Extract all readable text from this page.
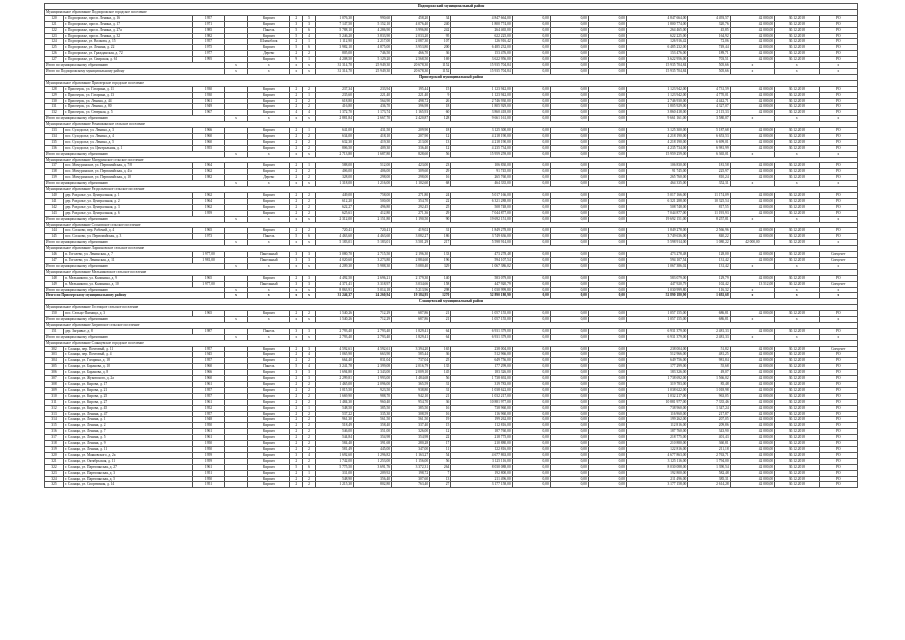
Подпорожский муниципальный район																			
Муниципальное образование Подпорожское городское поселение																			
120	г. Подпорожье, просп. Ленина, д. 16	1957		Кирпич	2	5	1 076,30	990,60	458,20	34	4 847 664,00	0,00	0,00	0,00	4 847 664,00	4 493,57	42 000,00	30.12.2018	РО
121	г. Подпорожье, просп. Ленина, д. 17	1971		Кирпич	3	3	7 147,50	5 152,10	4 076,40	240	1 800 774,00	0,00	0,00	0,00	1 800 774,00	320,76	42 000,00	30.12.2018	РО
122	г. Подпорожье, просп. Ленина, д. 27а	1985		Панель	5	6	5 788,10	4 286,90	3 996,80	242	264 465,00	0,00	0,00	0,00	264 465,00	45,85	42 000,00	30.12.2018	РО
123	г. Подпорожье, просп. Ленина, д. 32	1982		Кирпич	5	4	5 246,20	3 833,90	2 033,20	95	622 225,00	0,00	0,00	0,00	622 225,00	164,92	42 000,00	30.12.2018	РО
124	г. Подпорожье, ул. Волкова, д. 15	1957		Шлакоблок	2	1	1 112,90	2 217,00	2 087,30	107	126 916,42	0,00	0,00	0,00	126 916,42	72,06	42 000,00	30.12.2018	РО
125	г. Подпорожье, ул. Ленина, д. 22	1975		Кирпич	5	6	3 982,10	4 875,00	3 953,80	200	6 485 232,00	0,00	0,00	0,00	6 485 232,00	749,44	42 000,00	30.12.2018	РО
126	г. Подпорожье, ул. Гражданская, д. 72	1977		Дерево	2	2	805,00	746,50	466,70	36	153 476,00	0,00	0,00	0,00	153 476,00	189,71	42 000,00	30.12.2018	РО
127	г. Подпорожье, ул. Свирская, д. 61	1995		Кирпич	9	1	4 208,50	5 129,20	2 568,50	169	3 622 956,00	0,00	0,00	0,00	3 622 956,00	703,51	42 000,00	30.12.2018	РО
Итого по муниципальному образованию			x	x	x	x	31 314,70	25 949,30	20 678,30	1152	15 935 704,84	0,00	0,00	0,00	15 935 704,84	505,66	x	x	x
Итого по Подпорожскому муниципальному району			x	x	x	x	31 314,70	25 949,30	20 678,30	1152	15 935 704,84	0,00	0,00	0,00	15 935 704,84	505,66	x	x	x
Приозерский муниципальный район																			
Муниципальное образование Приозерское городское поселение																			
128	г. Приозерск, ул. Гагарина, д. 11	1930		Кирпич	2	2	237,34	233,94	195,44	15	1 123 942,00	0,00	0,00	0,00	1 123 942,00	4 731,59	42 000,00	30.12.2018	РО
129	г. Приозерск, ул. Гагарина, д. 13	1930		Кирпич	2	1	235,60	221,40	221,40	9	1 123 942,00	0,00	0,00	0,00	1 123 942,00	4 770,01	42 000,00	30.12.2018	РО
130	г. Приозерск, ул. Ленина, д. 44	1961		Кирпич	2	2	618,80	564,90	498,72	26	2 746 930,00	0,00	0,00	0,00	2 746 930,00	4 442,71	42 000,00	30.12.2018	РО
131	г. Приозерск, ул. Ленина, д. 80	1949		Кирпич	2	2	416,80	436,70	396,98	18	1 805 929,00	0,00	0,00	0,00	1 805 929,00	4 327,07	42 000,00	30.12.2018	РО
132	г. Приозерск, ул. Северная, д. 5	1967		Кирпич	4	4	1 372,70	1 173,74	1 165,93	60	3 860 418,00	0,00	0,00	0,00	3 860 418,00	2 115,33	42 000,00	30.12.2018	РО
Итого по муниципальному образованию			x	x	x	x	2 881,84	2 667,70	2 420,87	128	9 661 161,00	0,00	0,00	0,00	9 661 161,00	3 580,07	x	x	x
Муниципальное образование Ромашкинское сельское поселение																			
133	пос. Суходолье, ул. Ленина, д. 3	1966		Кирпич	2	1	641,00	431,50	209,90	18	3 125 300,00	0,00	0,00	0,00	3 125 300,00	5 187,68	42 000,00	30.12.2018	РО
134	пос. Суходолье, ул. Ленина, д. 4	1960		Кирпич	2	2	634,00	418,10	207,90	12	4 218 190,00	0,00	0,00	0,00	4 218 190,00	6 653,53	42 000,00	30.12.2018	РО
135	пос. Суходолье, ул. Ленина, д. 5	1960		Кирпич	2	2	632,30	419,30	213,00	13	4 218 190,00	0,00	0,00	0,00	4 218 190,00	6 699,01	42 000,00	30.12.2018	РО
136	пос. Суходолье, ул. Центральная, д. 1	1955		Кирпич	2	2	806,50	409,30	336,40	12	4 235 734,00	0,00	0,00	0,00	4 235 734,00	6 981,99	42 000,00	30.12.2018	РО
Итого по муниципальному образованию			x	x	x	x	2 713,80	1 687,80	828,60	56	15 959 259,00	0,00	0,00	0,00	15 959 259,00	6 365,01	x	x	x
Муниципальное образование Мичуринское сельское поселение																			
137	пос. Мичуринское, ул. Первомайская, д. 7/8	1964		Кирпич	2	1	588,00	512,00	423,00	23	106 830,00	0,00	0,00	0,00	106 830,00	181,58	42 000,00	30.12.2018	РО
138	пос. Мичуринское, ул. Первомайская, д. 4/а	1962		Кирпич	2	2	406,00	406,00	309,60	29	91 745,00	0,00	0,00	0,00	91 745,00	225,97	42 000,00	30.12.2018	РО
139	пос. Мичуринское, ул. Первомайская, д. 10	1982		Дерево	2	2	328,00	298,00	298,00	16	265 760,00	0,00	0,00	0,00	265 760,00	810,24	42 000,00	30.12.2018	РО
Итого по муниципальному образованию			x	x	x	x	1 318,00	1 216,00	1 102,60	68	464 335,00	0,00	0,00	0,00	464 335,00	352,31	x	x	x
Муниципальное образование Раздольевское сельское поселение																			
140	дер. Раздолье, ул. Центральная, д. 1	1962		Кирпич	2	2	449,00	758,00	271,80	24	5 017 166,00	0,00	0,00	0,00	5 017 166,00	11 174,09	42 000,00	30.12.2018	РО
141	дер. Раздолье, ул. Центральная, д. 2	1964		Кирпич	2	2	612,20	500,00	354,70	22	6 321 288,00	0,00	0,00	0,00	6 321 288,00	10 325,54	42 000,00	30.12.2018	РО
142	дер. Раздолье, ул. Центральная, д. 3	1962		Кирпич	2	2	622,27	496,80	292,45	25	508 748,00	0,00	0,00	0,00	508 748,00	817,55	42 000,00	30.12.2018	РО
143	дер. Раздолье, ул. Центральная, д. 6	1959		Кирпич	2	2	625,61	412,80	271,36	29	7 044 877,00	0,00	0,00	0,00	7 044 877,00	11 195,93	42 000,00	30.12.2018	РО
Итого по муниципальному образованию			x	x	x	x	2 312,00	2 151,80	1 190,50	90	19 692 151,00	0,00	0,00	0,00	19 692 151,00	8 257,81	x	x	x
Муниципальное образование Сосновское сельское поселение																			
144	пос. Сосново, пер. Рабочий, д. 4	1965		Кирпич	2	2	720,41	720,41	419,02	31	1 849 278,00	0,00	0,00	0,00	1 849 278,00	2 566,96	42 000,00	30.12.2018	РО
145	пос. Сосново, ул. Первомайская, д. 3	1973		Панель	5	6	4 463,60	4 463,60	3 082,27	186	3 749 636,00	0,00	0,00	0,00	3 749 636,00	840,22	42 000,00	30.12.2018	РО
Итого по муниципальному образованию			x	x	x	x	5 183,01	5 183,01	3 501,29	217	5 598 914,00	0,00	0,00	0,00	5 598 914,00	1 080,22	42 000,00	30.12.2018	x
Муниципальное образование Ларионовское сельское поселение																			
146	п. Гоголево, ул. Ленинская, д. 7	1 977,00		Панельный	3	3	3 080,70	2 715,50	2 196,30	133	473 278,48	0,00	0,00	0,00	473 278,48	128,00	42 000,00	30.12.2018	Спецсчет
147	п. Гоголево, ул. Ленинская, д. 11	1 981,00		Панельный	3	3	4 020,60	3 273,80	2 884,60	196	594 107,54	0,00	0,00	0,00	594 107,54	131,42	42 000,00	30.12.2018	Спецсчет
Итого по муниципальному образованию			x	x	x	x	4 209,30	5 988,30	5 080,40	329	1 067 386,02	0,00	0,00	0,00	1 067 386,02	131,42	x	x	x
Муниципальное образование Мельниковское сельское поселение																			
148	п. Мельниково, ул. Калинина, д. 9	1965		Кирпич	2	3	4 492,50	2 696,21	2 179,30	140	583 079,00	0,00	0,00	0,00	583 079,00	129,79	42 000,00	30.12.2018	РО
149	п. Мельниково, ул. Калинина, д. 10	1 977,00		Панельный	3	3	4 371,41	3 318,97	3 034,66	158	447 920,79	0,00	0,00	0,00	447 920,79	102,42	13 512,00	30.12.2018	Спецсчет
Итого по муниципальному образованию			x	x	x	x	8 863,91	5 014,18	5 213,96	298	1 030 999,80	0,00	0,00	0,00	1 030 999,80	116,32	x	x	x
Итого по Приозерскому муниципальному району			x	x	x	x	31 246,37	24 260,94	19 184,95	1270	52 890 180,90	0,00	0,00	0,00	52 890 180,90	1 692,68	x	x	x
Сланцевский муниципальный район																			
Муниципальное образование Гостицкое сельское поселение																			
150	пос. Сельцо-Пятница, д. 3	1965		Кирпич	2	2	1 540,26	712,29	687,86	21	1 057 155,00	0,00	0,00	0,00	1 057 155,00	686,81	42 000,00	30.12.2018	РО
Итого по муниципальному образованию			x	x	x	x	1 540,26	712,29	687,86	21	1 057 155,00	0,00	0,00	0,00	1 057 155,00	686,81	x	x	x
Муниципальное образование Загривское сельское поселение																			
151	дер. Загривье, д. 8	1987		Панель	3	3	2 793,40	2 793,40	1 829,41	64	6 931 379,00	0,00	0,00	0,00	6 931 379,00	2 481,33	42 000,00	30.12.2018	РО
Итого по муниципальному образованию			x	x	x	x	2 793,40	2 793,40	1 829,41	64	6 931 379,00	0,00	0,00	0,00	6 931 379,00	2 481,33	x	x	x
Муниципальное образование Сланцевское городское поселение																			
302	г. Сланцы, пер. Почтовый, д. 11	1957		Кирпич	2	3	4 592,61	4 592,61	3 394,20	165	238 004,00	0,00	0,00	0,00	238 004,00	51,82	42 000,00	30.12.2018	Спецсчет
303	г. Сланцы, пер. Почтовый, д. 4	1945		Кирпич	2	4	1 065,90	663,90	585,44	36	512 966,00	0,00	0,00	0,00	512 966,00	481,25	42 000,00	30.12.2018	РО
304	г. Сланцы, ул. Гагарина, д. 18	1957		Кирпич	2	2	664,40	831,04	737,04	25	649 756,00	0,00	0,00	0,00	649 756,00	981,84	42 000,00	30.12.2018	РО
305	г. Сланцы, ул. Баранова, д. 10	1960		Панель	5	4	3 241,78	2 399,08	2 016,79	135	177 299,00	0,00	0,00	0,00	177 299,00	55,68	42 000,00	30.12.2018	РО
306	г. Сланцы, ул. Баранова, д. 8	1966		Кирпич	3	3	1 694,80	2 343,00	2 009,10	145	183 326,00	0,00	0,00	0,00	183 326,00	49,07	42 000,00	30.12.2018	РО
307	г. Сланцы, ул. Жуковского, д. 2а	1960		Кирпич	2	3	2 299,81	1 993,00	1 484,68	56	1 738 692,00	0,00	0,00	0,00	1 738 692,00	1 566,02	42 000,00	30.12.2018	РО
308	г. Сланцы, ул. Кирова, д. 17	1961		Кирпич	2	2	1 465,00	2 096,00	365,59	31	319 783,00	0,00	0,00	0,00	319 783,00	85,48	42 000,00	30.12.2018	РО
309	г. Сланцы, ул. Кирова, д. 21	1957		Кирпич	2	2	1 015,50	923,50	938,80	31	1 038 622,00	0,00	0,00	0,00	1 038 622,00	1 018,98	42 000,00	30.12.2018	РО
310	г. Сланцы, ул. Кирова, д. 25	1957		Кирпич	2	2	1 669,90	988,70	942,10	21	1 032 217,00	0,00	0,00	0,00	1 032 217,00	963,05	42 000,00	30.12.2018	РО
311	г. Сланцы, ул. Кирова, д. 27	1961		Кирпич	2	2	1 484,30	960,40	954,70	36	10 881 977,00	0,00	0,00	0,00	10 881 977,00	7 335,46	42 000,00	30.12.2018	РО
312	г. Сланцы, ул. Кирова, д. 45	1952		Кирпич	2	1	548,50	385,50	385,50	16	738 960,00	0,00	0,00	0,00	738 960,00	1 347,24	42 000,00	30.12.2018	РО
313	г. Сланцы, ул. Ленина, д. 47	1957		Кирпич	2	2	537,22	335,30	308,59	16	116 960,00	0,00	0,00	0,00	116 960,00	217,87	42 000,00	30.12.2018	РО
314	г. Сланцы, ул. Ленина, д. 1	1948		Кирпич	2	2	961,30	561,50	561,50	19	199 262,00	0,00	0,00	0,00	199 262,00	207,05	42 000,00	30.12.2018	РО
315	г. Сланцы, ул. Ленина, д. 2	1950		Кирпич	2	2	518,49	358,40	337,40	15	112 816,00	0,00	0,00	0,00	112 816,00	209,86	42 000,00	30.12.2018	РО
316	г. Сланцы, ул. Ленина, д. 7	1961		Кирпич	2	2	546,00	351,00	326,00	12	187 760,00	0,00	0,00	0,00	187 760,00	343,90	42 000,00	30.12.2018	РО
317	г. Сланцы, ул. Ленина, д. 5	1961		Кирпич	2	2	544,84	354,98	354,98	22	218 775,00	0,00	0,00	0,00	218 775,00	401,43	42 000,00	30.12.2018	РО
318	г. Сланцы, ул. Ленина, д. 9	1950		Кирпич	2	2	584,40	391,68	280,28	17	210 880,00	0,00	0,00	0,00	210 880,00	360,81	42 000,00	30.12.2018	РО
319	г. Сланцы, ул. Ленина, д. 11	1950		Кирпич	2	2	581,49	445,00	347,00	11	122 816,00	0,00	0,00	0,00	122 816,00	211,18	42 000,00	30.12.2018	РО
320	г. Сланцы, ул. Маяковского, д. 2а	1959		Кирпич	3	4	1 692,60	1 296,82	1 163,27	54	4 677 863,00	0,00	0,00	0,00	4 677 863,00	2 763,71	42 000,00	30.12.2018	РО
321	г. Сланцы, ул. Октябрьская, д. 11	1959		Кирпич	2	2	1 742,00	1 253,00	1 156,00	56	3 125 116,00	0,00	0,00	0,00	3 125 116,00	1 794,00	42 000,00	30.12.2018	РО
322	г. Сланцы, ул. Партизанская, д. 27	1961		Кирпич	5	6	5 775,50	3 691,76	3 372,31	264	8 030 088,00	0,00	0,00	0,00	8 030 088,00	1 390,54	42 000,00	30.12.2018	РО
323	г. Сланцы, ул. Партизанская, д. 3	1951		Кирпич	2	1	331,00	209,92	198,72	7	192 800,00	0,00	0,00	0,00	192 800,00	582,48	42 000,00	30.12.2018	РО
324	г. Сланцы, ул. Партизанская, д. 5	1950		Кирпич	2	2	548,90	356,40	307,60	13	211 496,00	0,00	0,00	0,00	211 496,00	385,31	42 000,00	30.12.2018	РО
325	г. Сланцы, ул. Спортивная, д. 14	1951		Кирпич	2	2	1 215,30	802,80	763,40	27	3 177 158,00	0,00	0,00	0,00	3 177 158,00	2 614,28	42 000,00	30.12.2018	РО
